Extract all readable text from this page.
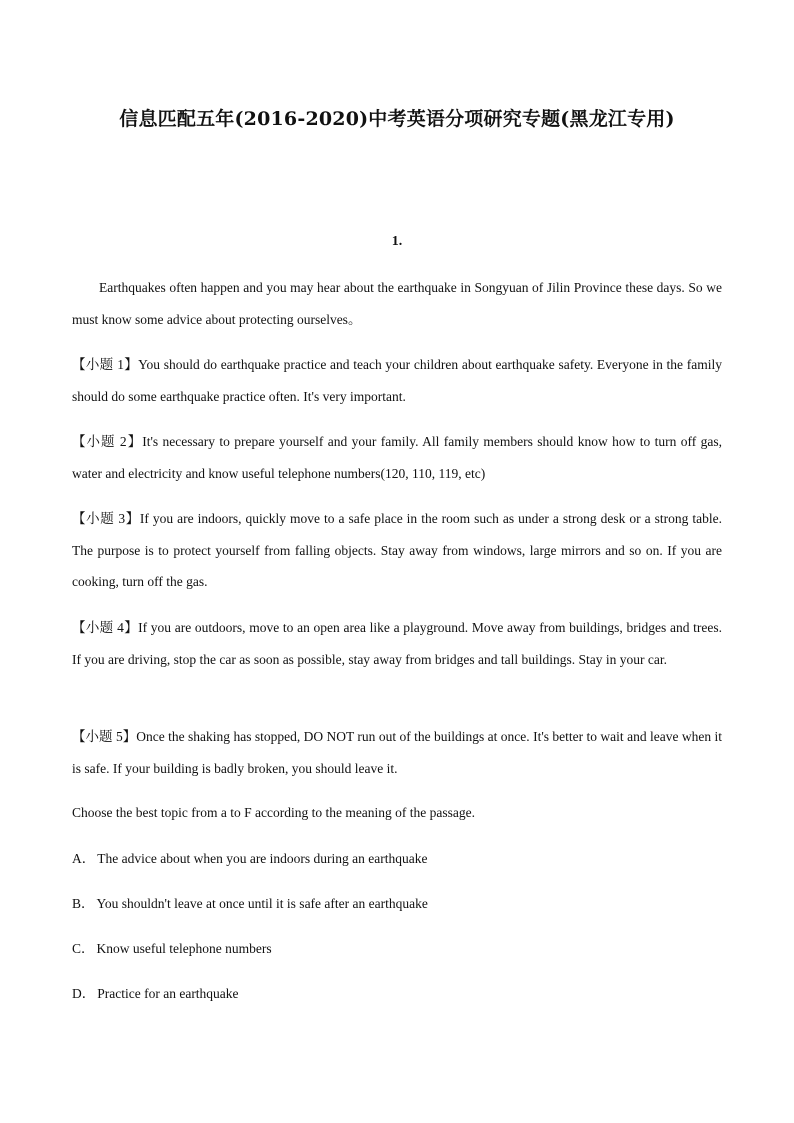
信息匹配五年(2016-2020)中考英语分项研究专题(黑龙江专用)
1.
Earthquakes often happen and you may hear about the earthquake in Songyuan of Jilin Province these days. So we must know some advice about protecting ourselves。
【小题 1】You should do earthquake practice and teach your children about earthquake safety. Everyone in the family should do some earthquake practice often. It's very important.
【小题 2】It's necessary to prepare yourself and your family. All family members should know how to turn off gas, water and electricity and know useful telephone numbers(120, 110, 119, etc)
【小题 3】If you are indoors, quickly move to a safe place in the room such as under a strong desk or a strong table. The purpose is to protect yourself from falling objects. Stay away from windows, large mirrors and so on. If you are cooking, turn off the gas.
【小题 4】If you are outdoors, move to an open area like a playground. Move away from buildings, bridges and trees. If you are driving, stop the car as soon as possible, stay away from bridges and tall buildings. Stay in your car.
【小题 5】Once the shaking has stopped, DO NOT run out of the buildings at once. It's better to wait and leave when it is safe. If your building is badly broken, you should leave it.
Choose the best topic from a to F according to the meaning of the passage.
A． The advice about when you are indoors during an earthquake
B． You shouldn't leave at once until it is safe after an earthquake
C． Know useful telephone numbers
D． Practice for an earthquake
